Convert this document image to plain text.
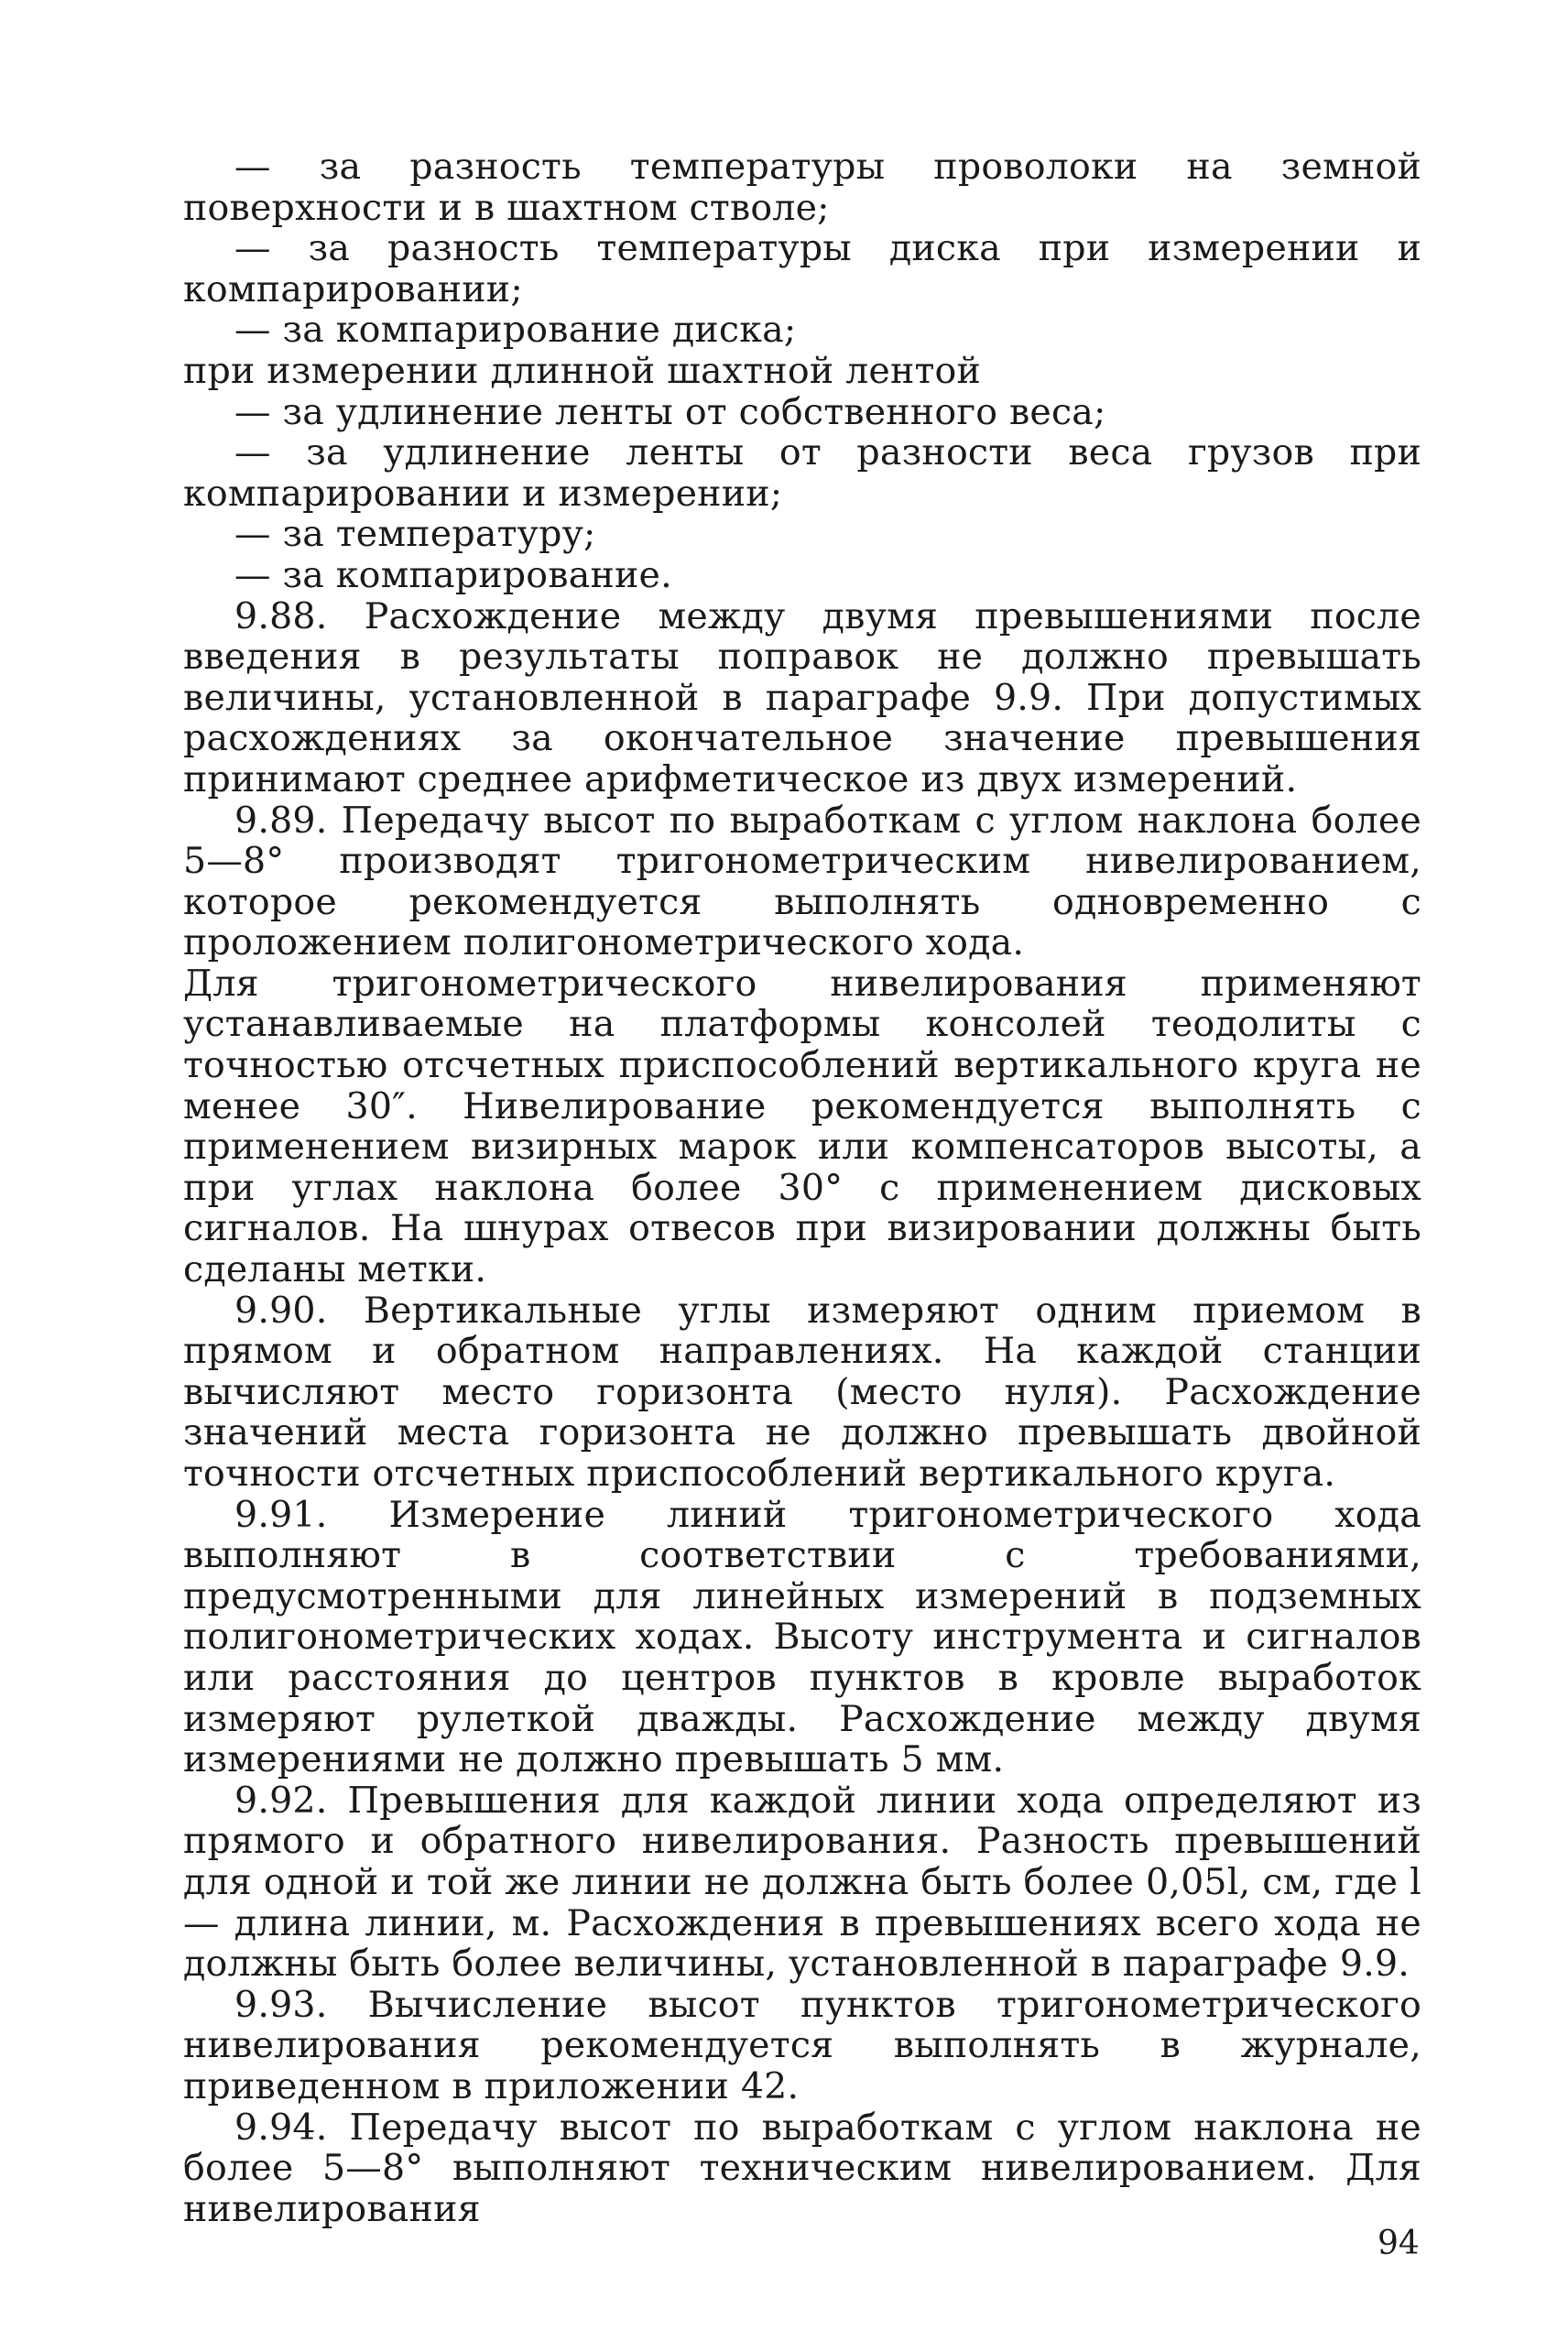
— за разность температуры проволоки на земной поверхности и в шахтном стволе;

— за разность температуры диска при измерении и компарировании;

— за компарирование диска;

при измерении длинной шахтной лентой

— за удлинение ленты от собственного веса;

— за удлинение ленты от разности веса грузов при компарировании и измерении;

— за температуру;

— за компарирование.

9.88. Расхождение между двумя превышениями после введения в результаты поправок не должно превышать величины, установленной в параграфе 9.9. При допустимых расхождениях за окончательное значение превышения принимают среднее арифметическое из двух измерений.

9.89. Передачу высот по выработкам с углом наклона более 5—8° производят тригонометрическим нивелированием, которое рекомендуется выполнять одновременно с проложением полигонометрического хода.

Для тригонометрического нивелирования применяют устанавливаемые на платформы консолей теодолиты с точностью отсчетных приспособлений вертикального круга не менее 30″. Нивелирование рекомендуется выполнять с применением визирных марок или компенсаторов высоты, а при углах наклона более 30° с применением дисковых сигналов. На шнурах отвесов при визировании должны быть сделаны метки.

9.90. Вертикальные углы измеряют одним приемом в прямом и обратном направлениях. На каждой станции вычисляют место горизонта (место нуля). Расхождение значений места горизонта не должно превышать двойной точности отсчетных приспособлений вертикального круга.

9.91. Измерение линий тригонометрического хода выполняют в соответствии с требованиями, предусмотренными для линейных измерений в подземных полигонометрических ходах. Высоту инструмента и сигналов или расстояния до центров пунктов в кровле выработок измеряют рулеткой дважды. Расхождение между двумя измерениями не должно превышать 5 мм.

9.92. Превышения для каждой линии хода определяют из прямого и обратного нивелирования. Разность превышений для одной и той же линии не должна быть более 0,05l, см, где l — длина линии, м. Расхождения в превышениях всего хода не должны быть более величины, установленной в параграфе 9.9.

9.93. Вычисление высот пунктов тригонометрического нивелирования рекомендуется выполнять в журнале, приведенном в приложении 42.

9.94. Передачу высот по выработкам с углом наклона не более 5—8° выполняют техническим нивелированием. Для нивелирования

94
